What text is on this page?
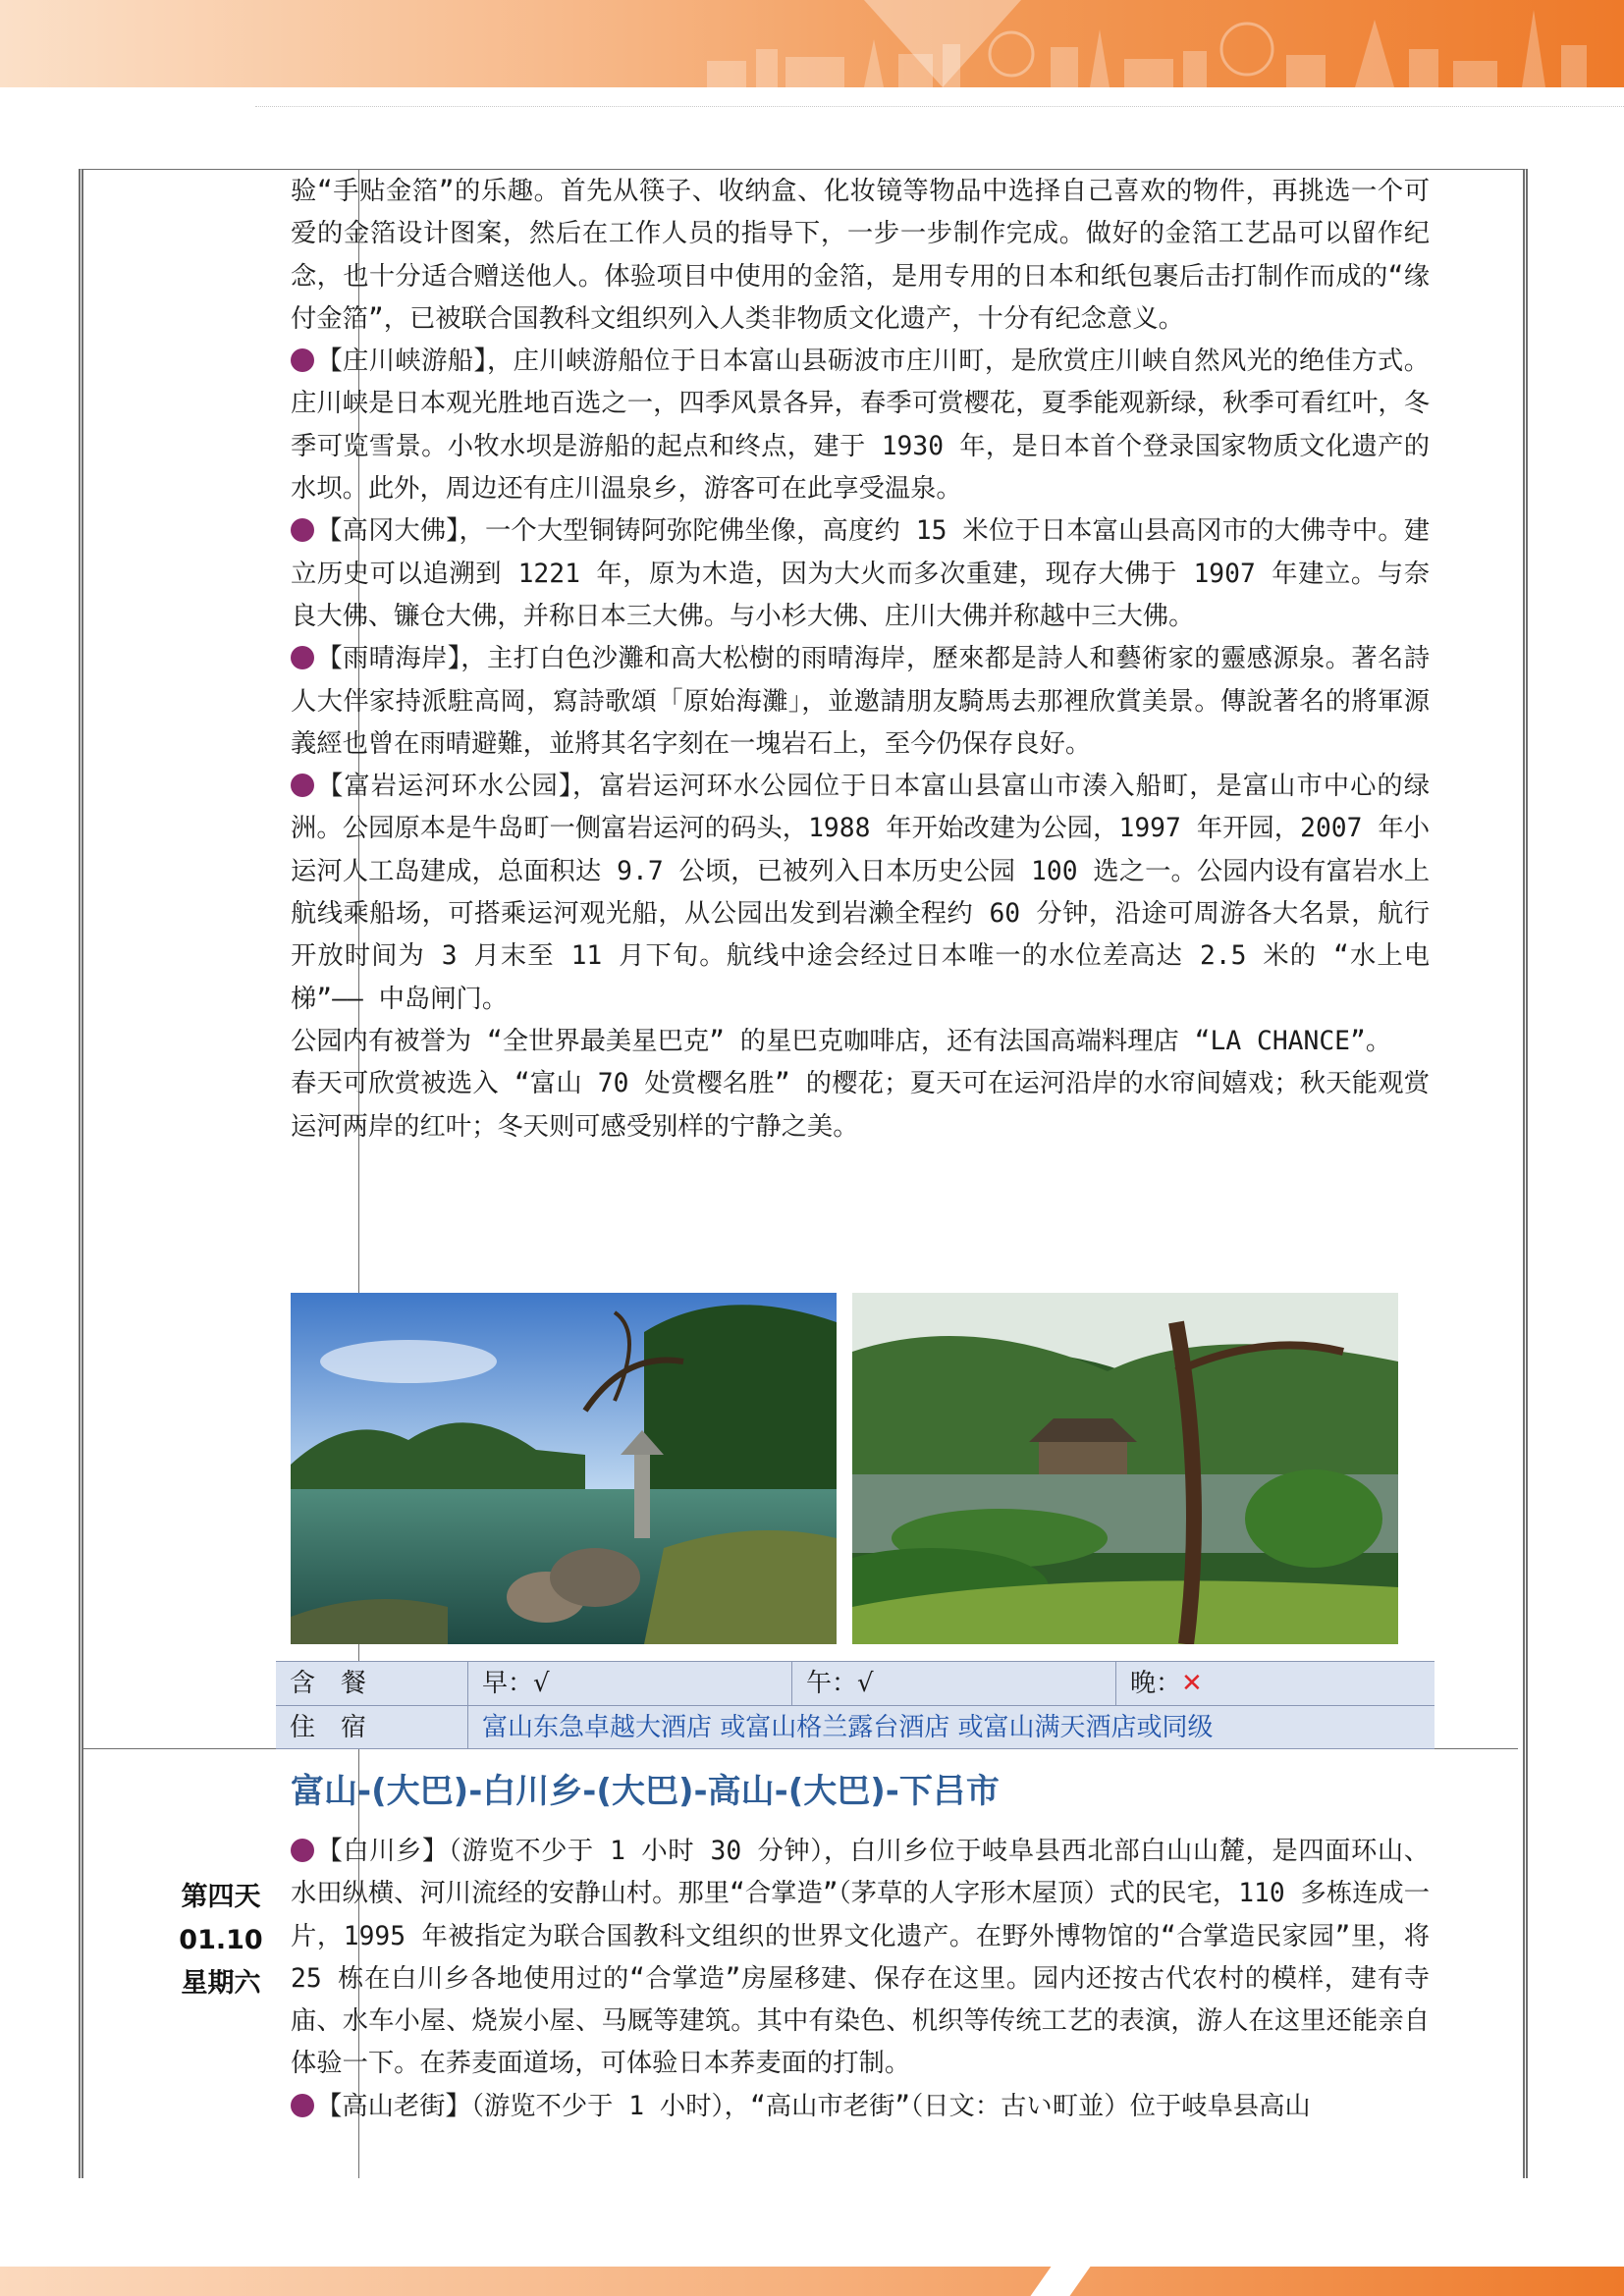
第四天
01.10
星期六

验“手贴金箔”的乐趣。首先从筷子、收纳盒、化妆镜等物品中选择自己喜欢的物件，再挑选一个可爱的金箔设计图案，然后在工作人员的指导下，一步一步制作完成。做好的金箔工艺品可以留作纪念，也十分适合赠送他人。体验项目中使用的金箔，是用专用的日本和纸包裹后击打制作而成的“缘付金箔”，已被联合国教科文组织列入人类非物质文化遗产，十分有纪念意义。

【庄川峡游船】，庄川峡游船位于日本富山县砺波市庄川町，是欣赏庄川峡自然风光的绝佳方式。庄川峡是日本观光胜地百选之一，四季风景各异，春季可赏樱花，夏季能观新绿，秋季可看红叶，冬季可览雪景。小牧水坝是游船的起点和终点，建于 1930 年，是日本首个登录国家物质文化遗产的水坝。此外，周边还有庄川温泉乡，游客可在此享受温泉。

【高冈大佛】，一个大型铜铸阿弥陀佛坐像，高度约 15 米位于日本富山县高冈市的大佛寺中。建立历史可以追溯到 1221 年，原为木造，因为大火而多次重建，现存大佛于 1907 年建立。与奈良大佛、镰仓大佛，并称日本三大佛。与小杉大佛、庄川大佛并称越中三大佛。

【雨晴海岸】，主打白色沙灘和高大松樹的雨晴海岸，歷來都是詩人和藝術家的靈感源泉。著名詩人大伴家持派駐高岡，寫詩歌頌「原始海灘」，並邀請朋友騎馬去那裡欣賞美景。傳說著名的將軍源義經也曾在雨晴避難，並將其名字刻在一塊岩石上，至今仍保存良好。

【富岩运河环水公园】，富岩运河环水公园位于日本富山县富山市湊入船町，是富山市中心的绿洲。公园原本是牛岛町一侧富岩运河的码头，1988 年开始改建为公园，1997 年开园，2007 年小运河人工岛建成，总面积达 9.7 公顷，已被列入日本历史公园 100 选之一。公园内设有富岩水上航线乘船场，可搭乘运河观光船，从公园出发到岩濑全程约 60 分钟，沿途可周游各大名景，航行开放时间为 3 月末至 11 月下旬。航线中途会经过日本唯一的水位差高达 2.5 米的 “水上电梯”—— 中岛闸门。

公园内有被誉为 “全世界最美星巴克” 的星巴克咖啡店，还有法国高端料理店 “LA CHANCE”。

春天可欣赏被选入 “富山 70 处赏樱名胜” 的樱花；夏天可在运河沿岸的水帘间嬉戏；秋天能观赏运河两岸的红叶；冬天则可感受别样的宁静之美。

含　餐	早：√	午：√	晚：✕
住　宿	富山东急卓越大酒店 或富山格兰露台酒店 或富山满天酒店或同级
富山-(大巴)-白川乡-(大巴)-高山-(大巴)-下吕市

【白川乡】（游览不少于 1 小时 30 分钟），白川乡位于岐阜县西北部白山山麓，是四面环山、水田纵横、河川流经的安静山村。那里“合掌造”（茅草的人字形木屋顶）式的民宅，110 多栋连成一片，1995 年被指定为联合国教科文组织的世界文化遗产。在野外博物馆的“合掌造民家园”里，将 25 栋在白川乡各地使用过的“合掌造”房屋移建、保存在这里。园内还按古代农村的模样，建有寺庙、水车小屋、烧炭小屋、马厩等建筑。其中有染色、机织等传统工艺的表演，游人在这里还能亲自体验一下。在荞麦面道场，可体验日本荞麦面的打制。

【高山老街】（游览不少于 1 小时），“高山市老街”（日文：古い町並）位于岐阜县高山
